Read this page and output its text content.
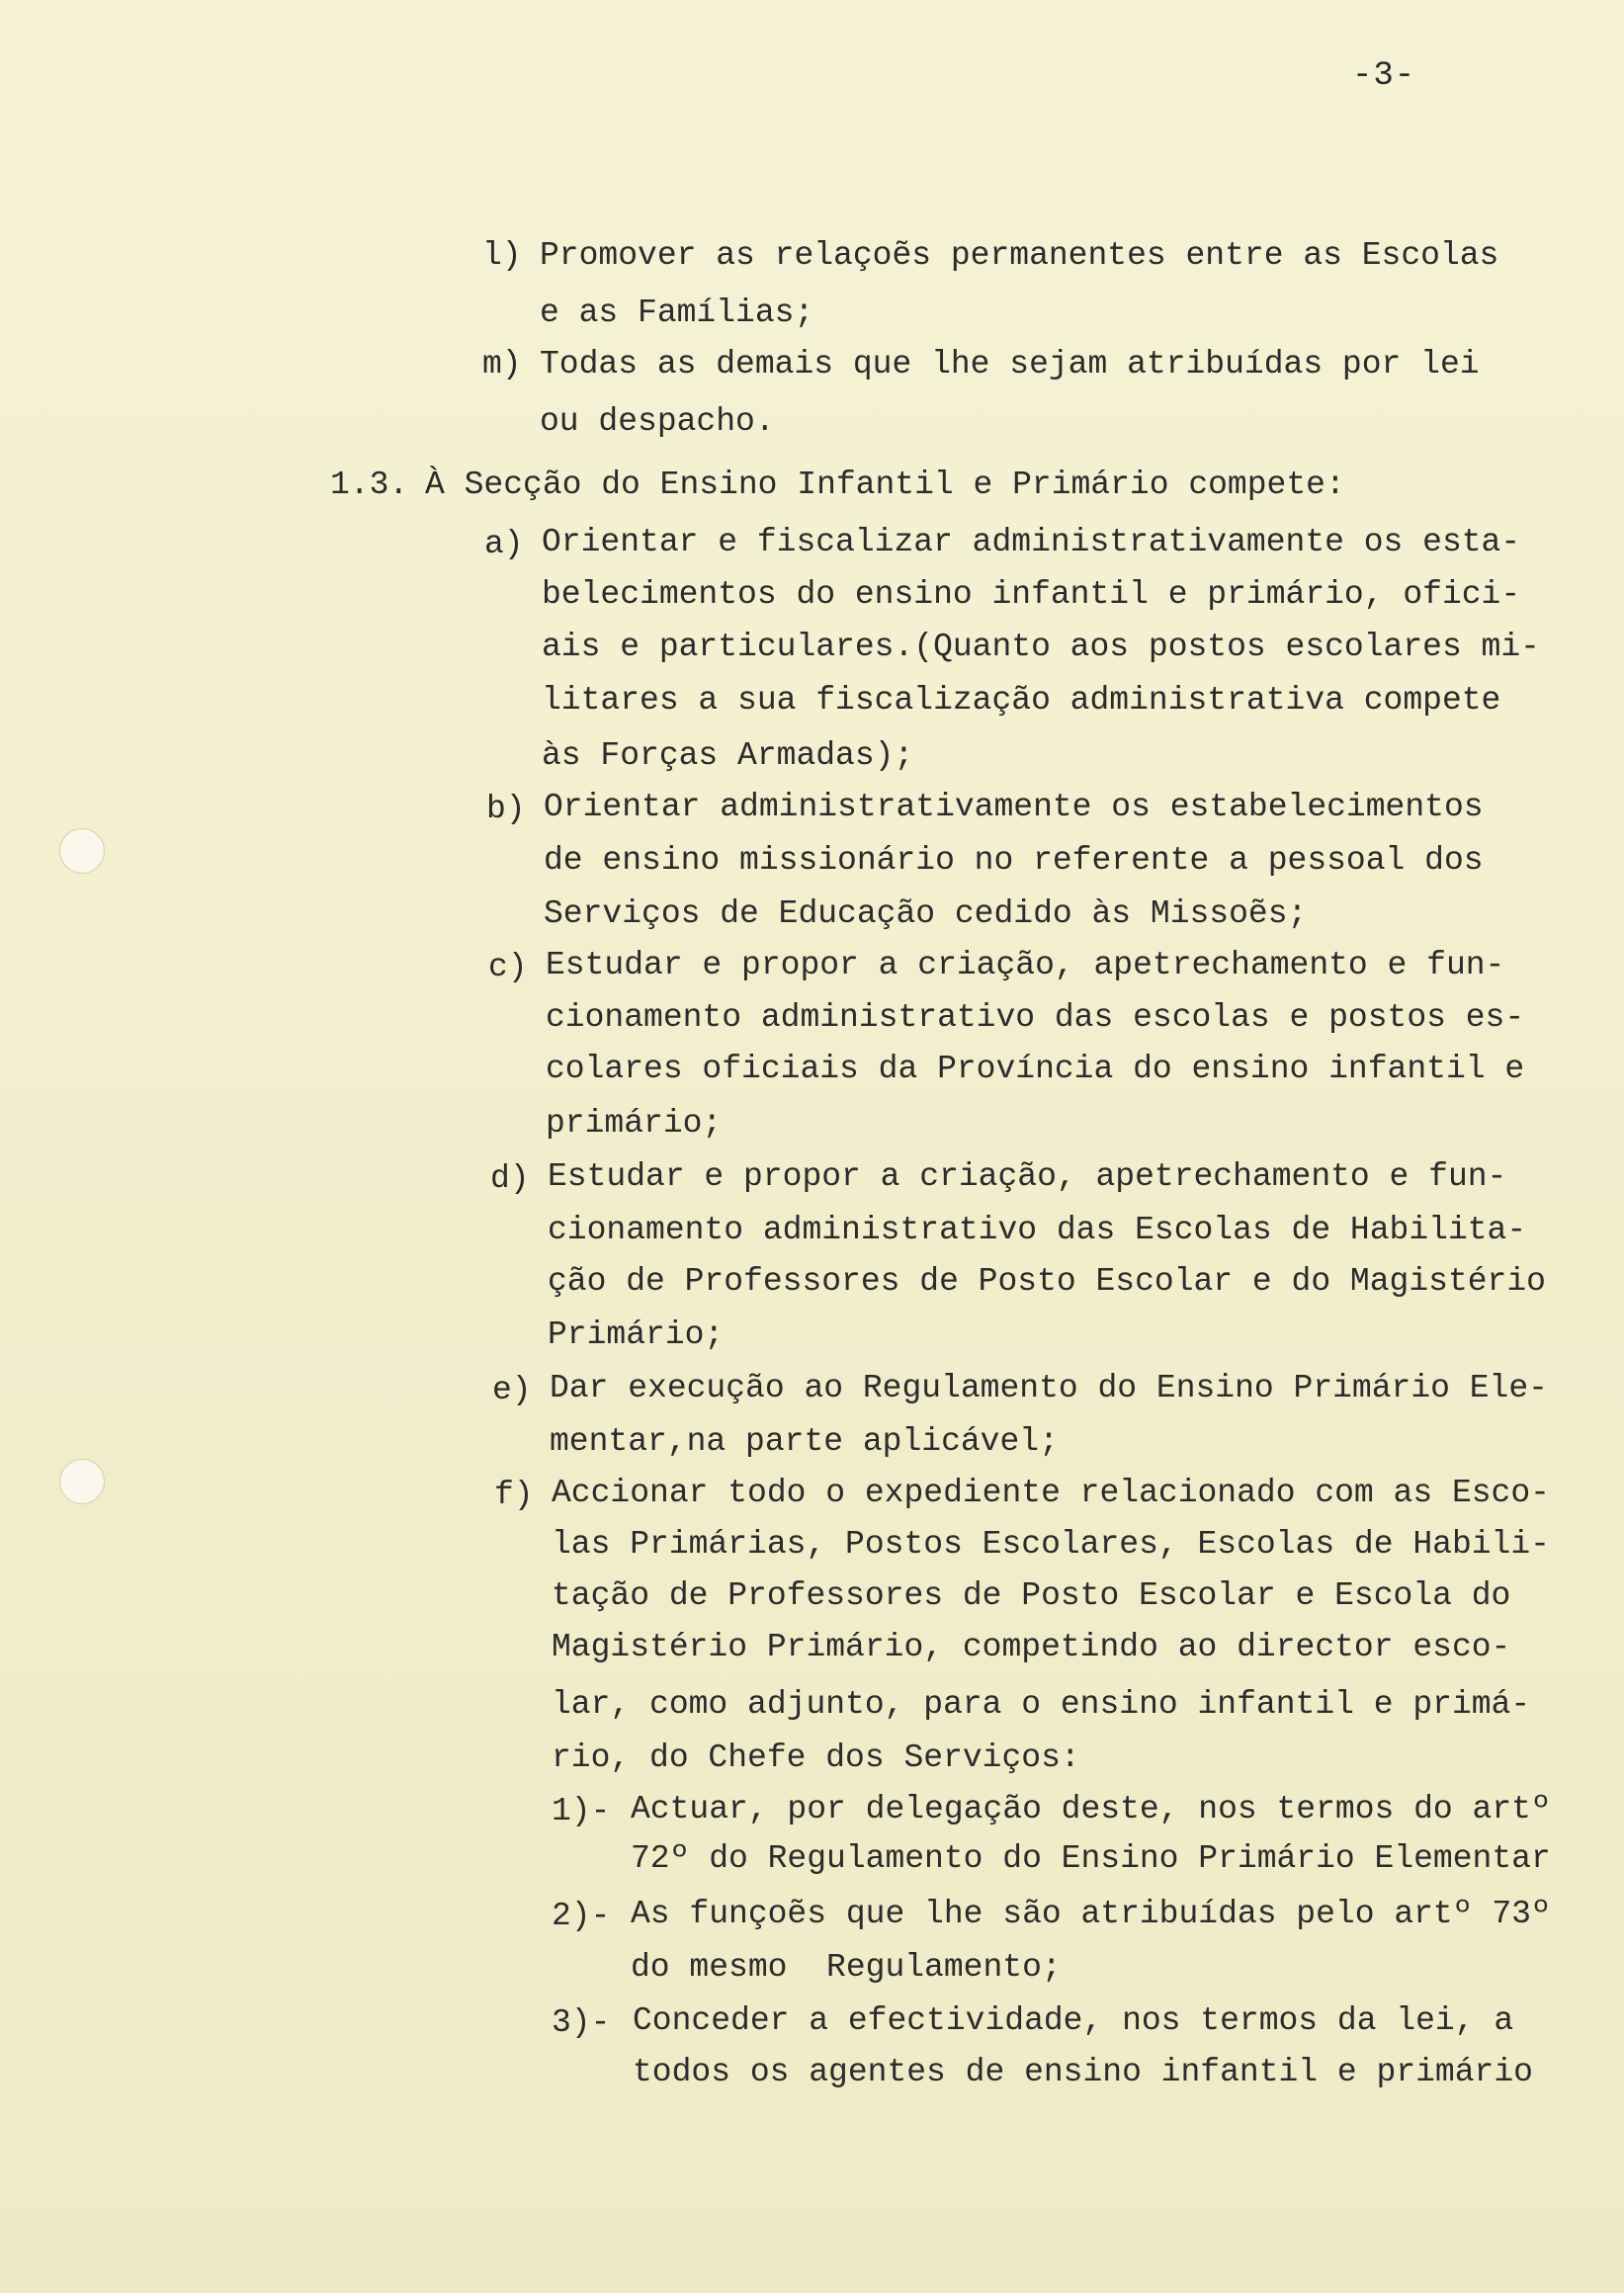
-3-
l) Promover as relaçoẽs permanentes entre as Escolas
e as Famílias;
m) Todas as demais que lhe sejam atribuídas por lei
ou despacho.
1.3. À Secção do Ensino Infantil e Primário compete:
a) Orientar e fiscalizar administrativamente os esta-
belecimentos do ensino infantil e primário, ofici-
ais e particulares.(Quanto aos postos escolares mi-
litares a sua fiscalização administrativa compete
às Forças Armadas);
b) Orientar administrativamente os estabelecimentos
de ensino missionário no referente a pessoal dos
Serviços de Educação cedido às Missoẽs;
c) Estudar e propor a criação, apetrechamento e fun-
cionamento administrativo das escolas e postos es-
colares oficiais da Província do ensino infantil e
primário;
d) Estudar e propor a criação, apetrechamento e fun-
cionamento administrativo das Escolas de Habilita-
ção de Professores de Posto Escolar e do Magistério
Primário;
e) Dar execução ao Regulamento do Ensino Primário Ele-
mentar,na parte aplicável;
f) Accionar todo o expediente relacionado com as Esco-
las Primárias, Postos Escolares, Escolas de Habili-
tação de Professores de Posto Escolar e Escola do
Magistério Primário, competindo ao director esco-
lar, como adjunto, para o ensino infantil e primá-
rio, do Chefe dos Serviços:
1)- Actuar, por delegação deste, nos termos do artº
72º do Regulamento do Ensino Primário Elementar
2)- As funçoẽs que lhe são atribuídas pelo artº 73º
do mesmo  Regulamento;
3)- Conceder a efectividade, nos termos da lei, a
todos os agentes de ensino infantil e primário
